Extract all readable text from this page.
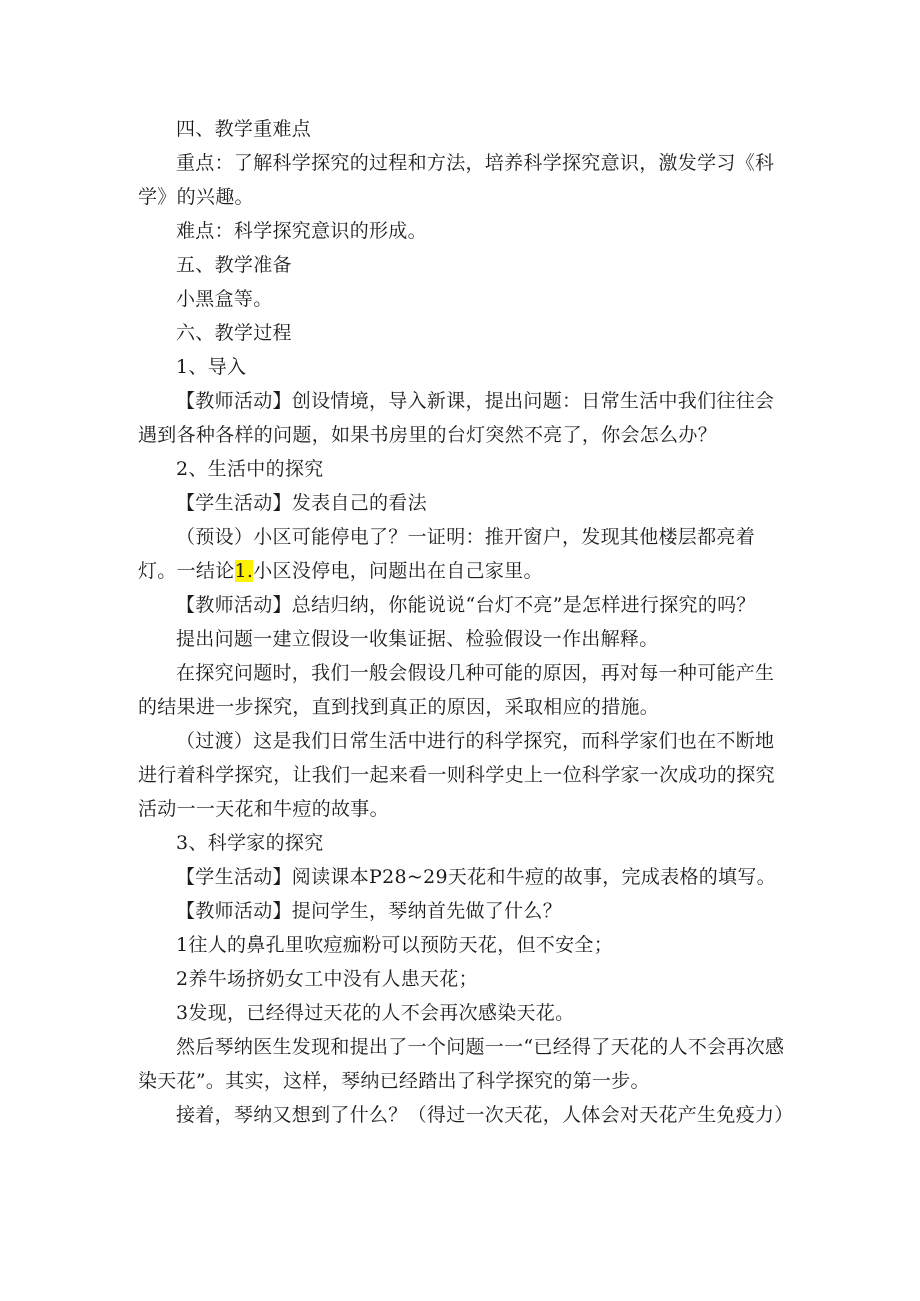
四、教学重难点

重点：了解科学探究的过程和方法，培养科学探究意识，激发学习《科学》的兴趣。

难点：科学探究意识的形成。

五、教学准备

小黑盒等。

六、教学过程

1、导入

【教师活动】创设情境，导入新课，提出问题：日常生活中我们往往会遇到各种各样的问题，如果书房里的台灯突然不亮了，你会怎么办？

2、生活中的探究

【学生活动】发表自己的看法

（预设）小区可能停电了？一证明：推开窗户，发现其他楼层都亮着灯。一结论1.小区没停电，问题出在自己家里。

【教师活动】总结归纳，你能说说“台灯不亮”是怎样进行探究的吗？

提出问题一建立假设一收集证据、检验假设一作出解释。

在探究问题时，我们一般会假设几种可能的原因，再对每一种可能产生的结果进一步探究，直到找到真正的原因，采取相应的措施。

（过渡）这是我们日常生活中进行的科学探究，而科学家们也在不断地进行着科学探究，让我们一起来看一则科学史上一位科学家一次成功的探究活动一一天花和牛痘的故事。

3、科学家的探究

【学生活动】阅读课本P28~29天花和牛痘的故事，完成表格的填写。

【教师活动】提问学生，琴纳首先做了什么？

1往人的鼻孔里吹痘痂粉可以预防天花，但不安全；

2养牛场挤奶女工中没有人患天花；

3发现，已经得过天花的人不会再次感染天花。

然后琴纳医生发现和提出了一个问题一一“已经得了天花的人不会再次感染天花”。其实，这样，琴纳已经踏出了科学探究的第一步。

接着，琴纳又想到了什么？（得过一次天花，人体会对天花产生免疫力）
